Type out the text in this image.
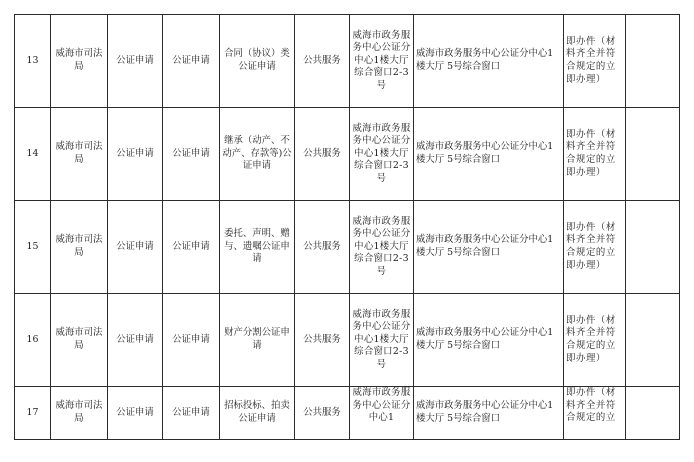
13	威海市司法局	公证申请	公证申请	合同（协议）类公证申请	公共服务	威海市政务服务中心公证分中心1楼大厅 综合窗口2-3号	威海市政务服务中心公证分中心1楼大厅 5号综合窗口	即办件（材料齐全并符合规定的立即办理）	
14	威海市司法局	公证申请	公证申请	继承（动产、不动产、存款等)公证申请	公共服务	威海市政务服务中心公证分中心1楼大厅 综合窗口2-3号	威海市政务服务中心公证分中心1楼大厅 5号综合窗口	即办件（材料齐全并符合规定的立即办理）	
15	威海市司法局	公证申请	公证申请	委托、声明、赠与、遗嘱公证申请	公共服务	威海市政务服务中心公证分中心1楼大厅 综合窗口2-3号	威海市政务服务中心公证分中心1楼大厅 5号综合窗口	即办件（材料齐全并符合规定的立即办理）	
16	威海市司法局	公证申请	公证申请	财产分割公证申请	公共服务	威海市政务服务中心公证分中心1楼大厅 综合窗口2-3号	威海市政务服务中心公证分中心1楼大厅 5号综合窗口	即办件（材料齐全并符合规定的立即办理）	
17	威海市司法局	公证申请	公证申请	招标投标、拍卖公证申请	公共服务	威海市政务服务中心公证分中心1	威海市政务服务中心公证分中心1楼大厅 5号综合窗口	即办件（材料齐全并符合规定的立	
